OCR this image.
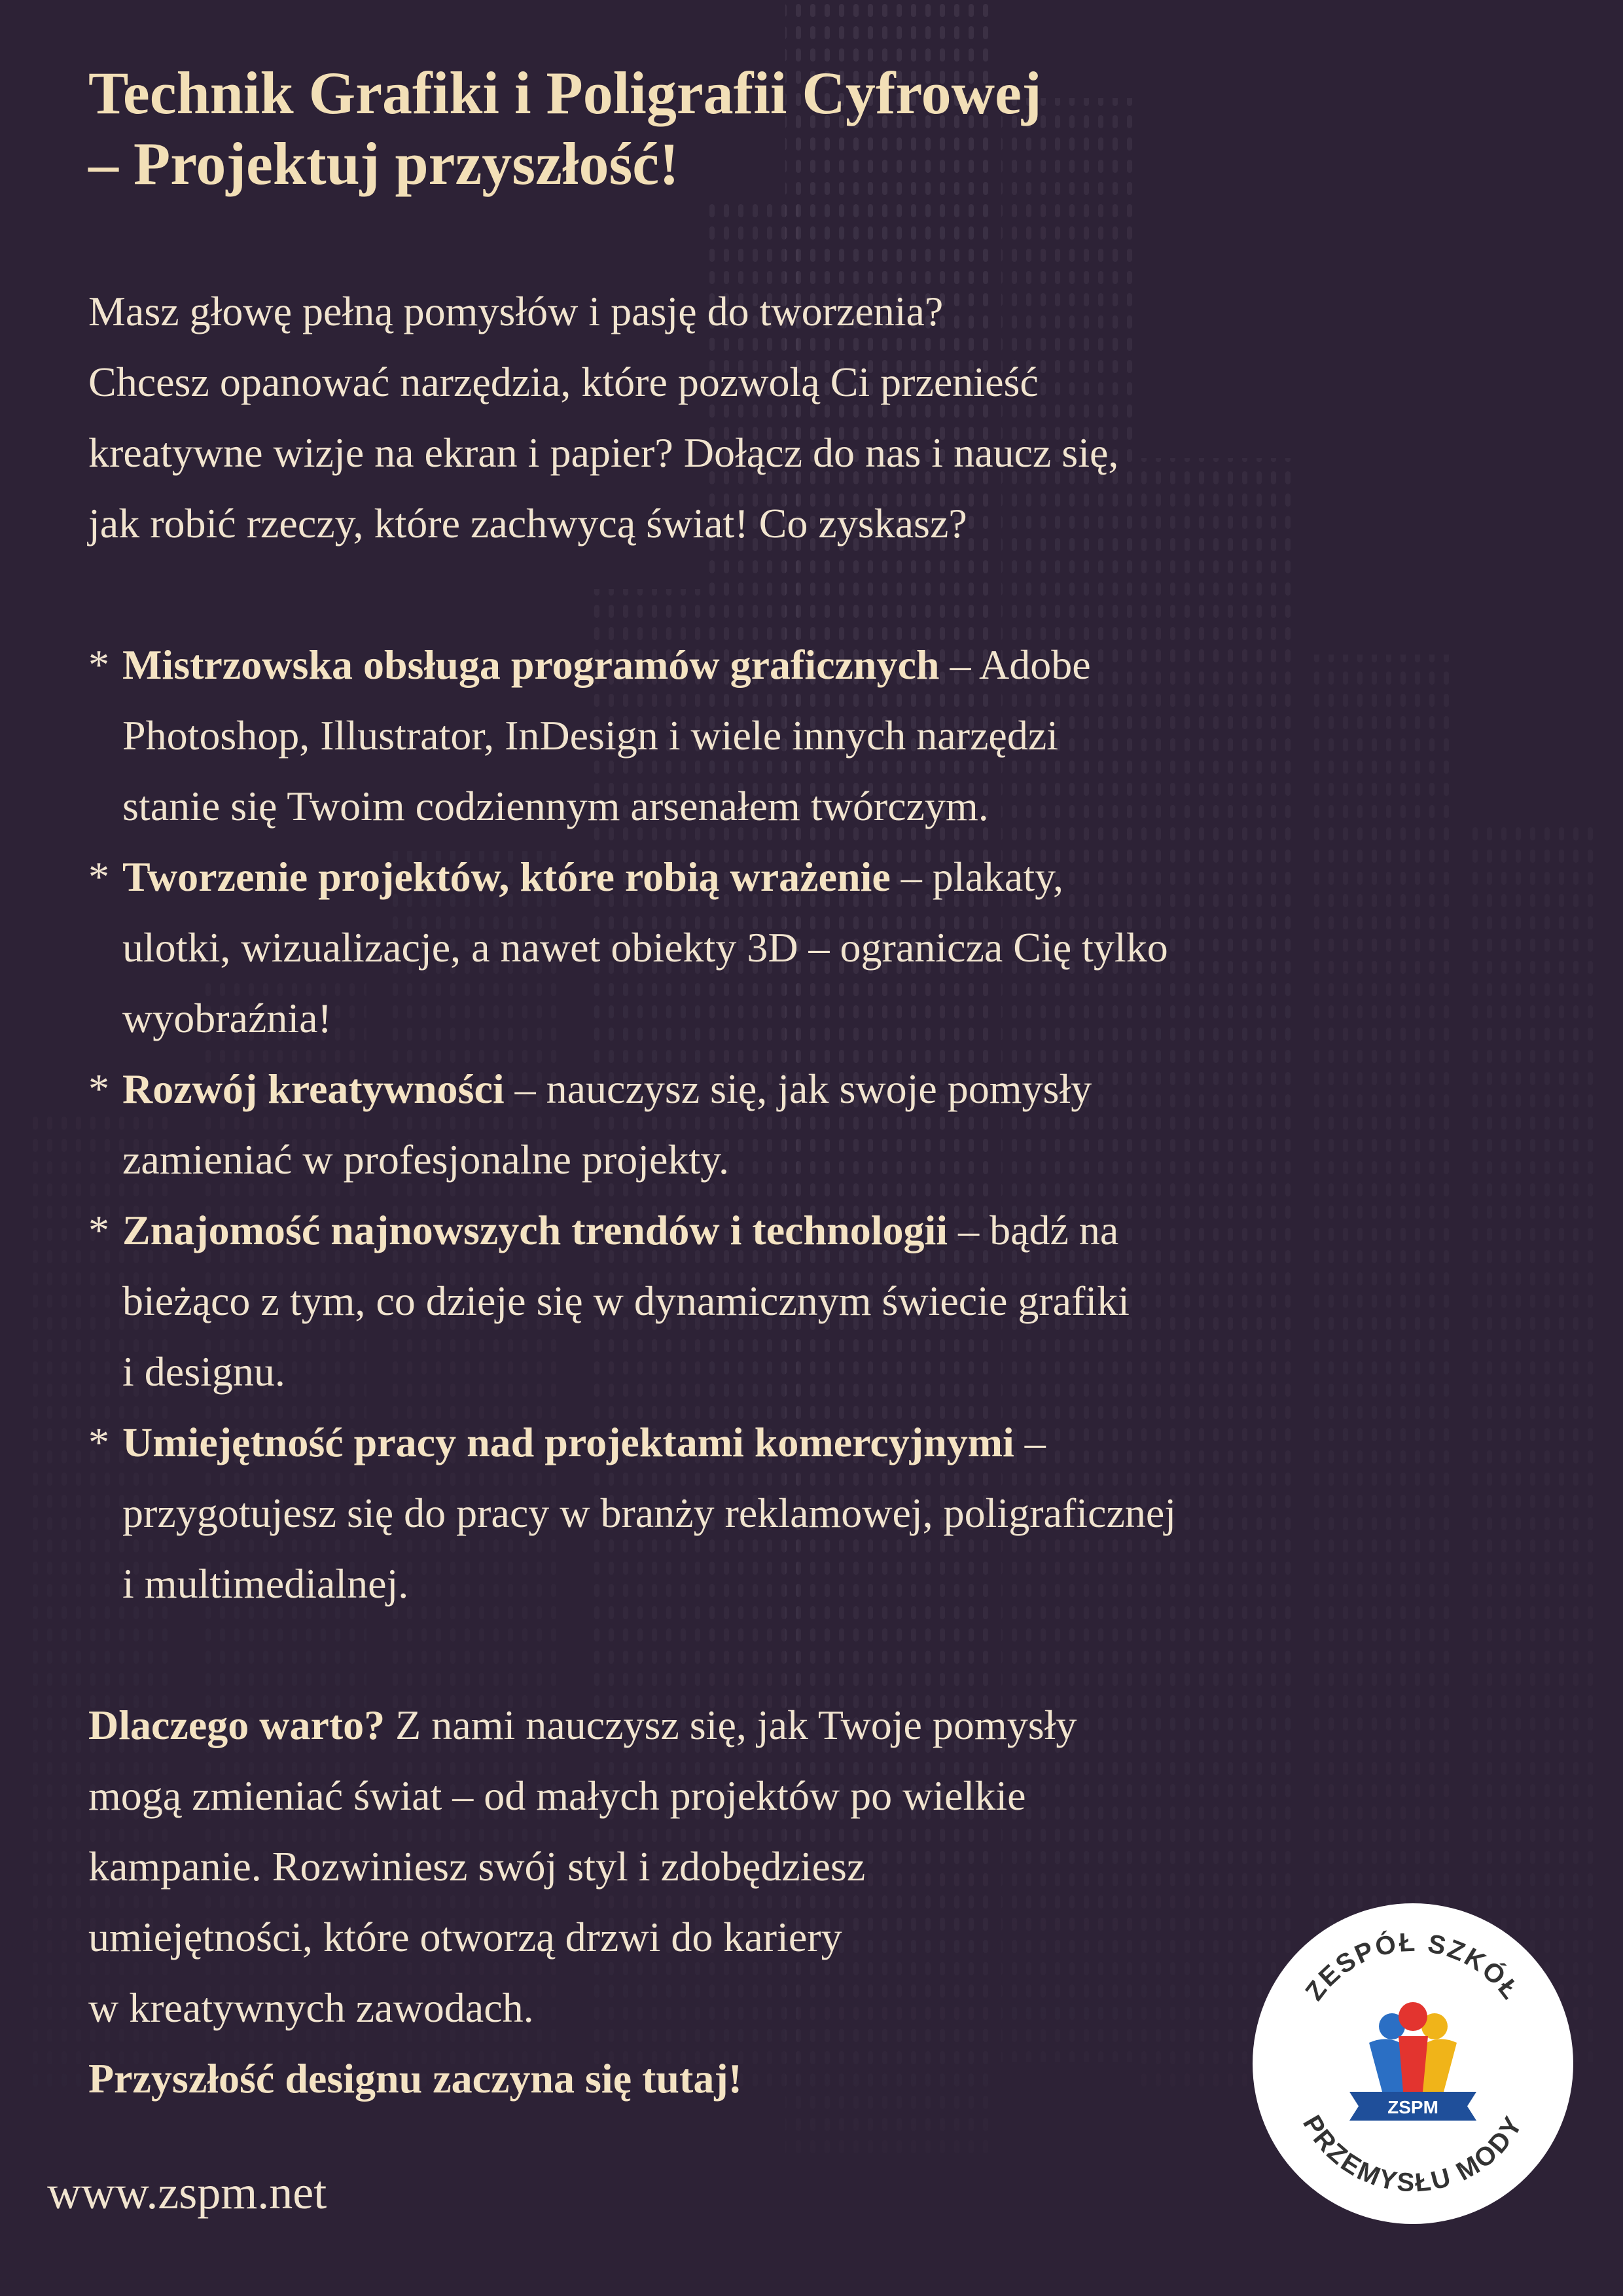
Technik Grafiki i Poligrafii Cyfrowej
– Projektuj przyszłość!

Masz głowę pełną pomysłów i pasję do tworzenia?
Chcesz opanować narzędzia, które pozwolą Ci przenieść
kreatywne wizje na ekran i papier? Dołącz do nas i naucz się,
jak robić rzeczy, które zachwycą świat! Co zyskasz?

* Mistrzowska obsługa programów graficznych – Adobe
Photoshop, Illustrator, InDesign i wiele innych narzędzi
stanie się Twoim codziennym arsenałem twórczym.
* Tworzenie projektów, które robią wrażenie – plakaty,
ulotki, wizualizacje, a nawet obiekty 3D – ogranicza Cię tylko
wyobraźnia!
* Rozwój kreatywności – nauczysz się, jak swoje pomysły
zamieniać w profesjonalne projekty.
* Znajomość najnowszych trendów i technologii – bądź na
bieżąco z tym, co dzieje się w dynamicznym świecie grafiki
i designu.
* Umiejętność pracy nad projektami komercyjnymi –
przygotujesz się do pracy w branży reklamowej, poligraficznej
i multimedialnej.

Dlaczego warto? Z nami nauczysz się, jak Twoje pomysły
mogą zmieniać świat – od małych projektów po wielkie
kampanie. Rozwiniesz swój styl i zdobędziesz
umiejętności, które otworzą drzwi do kariery
w kreatywnych zawodach.

Przyszłość designu zaczyna się tutaj!

www.zspm.net
ZESPÓŁ SZKÓŁ
PRZEMYSŁU MODY
ZSPM
